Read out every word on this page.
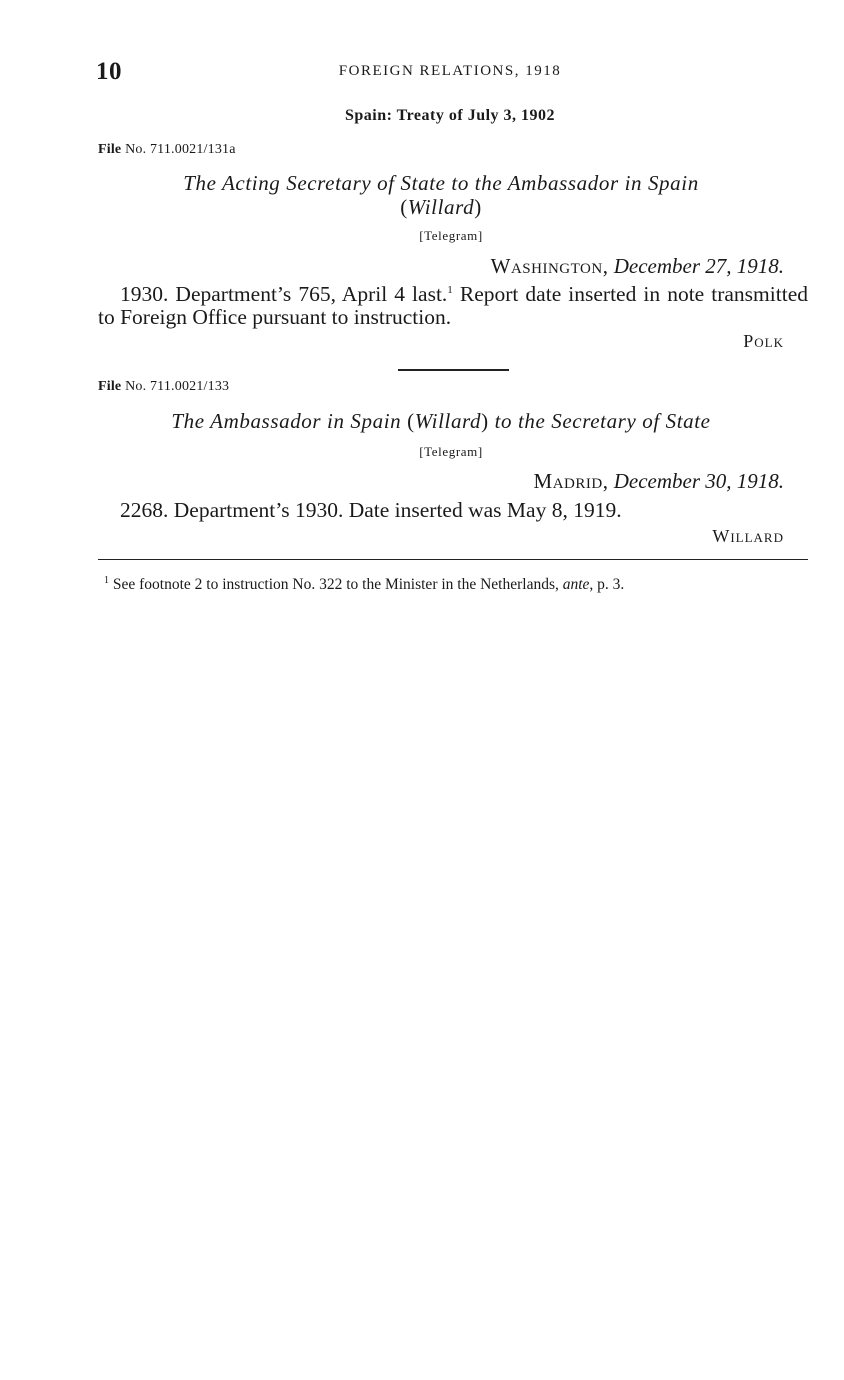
10	FOREIGN RELATIONS, 1918
Spain: Treaty of July 3, 1902
File No. 711.0021/131a
The Acting Secretary of State to the Ambassador in Spain
(Willard)
[Telegram]
Washington, December 27, 1918.
1930. Department’s 765, April 4 last.$^1$ Report date inserted in note transmitted to Foreign Office pursuant to instruction.
Polk
File No. 711.0021/133
The Ambassador in Spain (Willard) to the Secretary of State
[Telegram]
Madrid, December 30, 1918.
2268. Department’s 1930. Date inserted was May 8, 1919.
Willard
$^1$ See footnote 2 to instruction No. 322 to the Minister in the Netherlands, ante, p. 3.
